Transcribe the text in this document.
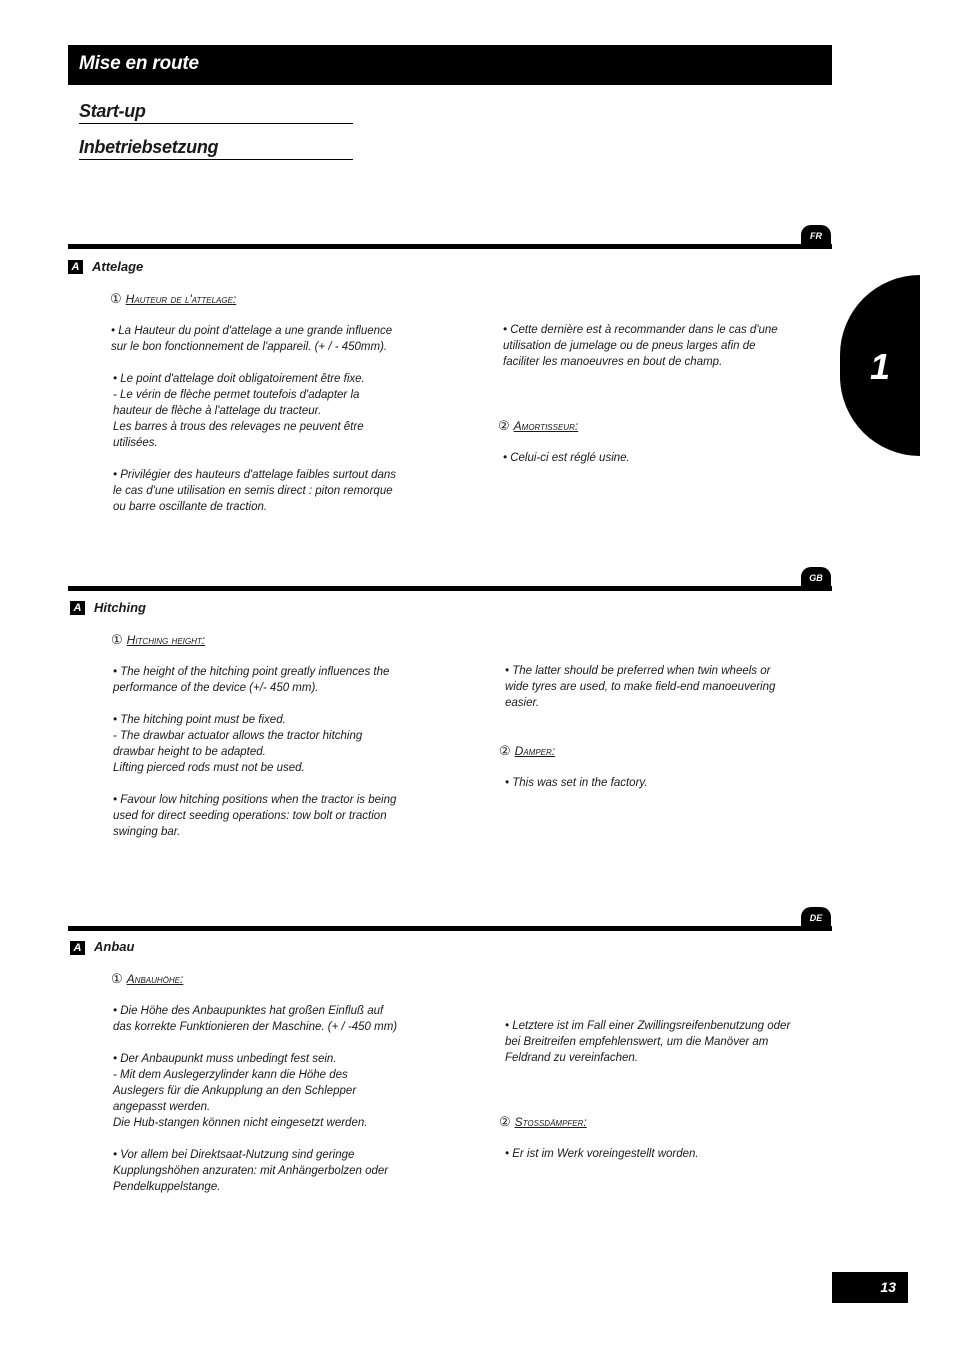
Mise en route
Start-up
Inbetriebsetzung
1
FR
A Attelage
① Hauteur de l'attelage:

• La Hauteur du point d'attelage a une grande influence

sur le bon fonctionnement de l'appareil. (+ / - 450mm).

• Le point d'attelage doit obligatoirement être fixe.

- Le vérin de flèche permet toutefois d'adapter la

hauteur de flèche à l'attelage du tracteur.

Les barres à trous des relevages ne peuvent être

utilisées.

• Privilégier des hauteurs d'attelage faibles surtout dans

le cas d'une utilisation en semis direct : piton remorque

ou barre oscillante de traction.

• Cette dernière est à recommander dans le cas d'une

utilisation de jumelage ou de pneus larges afin de

faciliter les manoeuvres en bout de champ.

② Amortisseur:

• Celui-ci est réglé usine.

GB
A Hitching
① Hitching height:

• The height of the hitching point greatly influences the

performance of the device (+/- 450 mm).

• The hitching point must be fixed.

- The drawbar actuator allows the tractor hitching

drawbar height to be adapted.

Lifting pierced rods must not be used.

• Favour low hitching positions when the tractor is being

used for direct seeding operations: tow bolt or traction

swinging bar.

• The latter should be preferred when twin wheels or

wide tyres are used, to make field-end manoeuvering

easier.

② Damper:

• This was set in the factory.

DE
A Anbau
① Anbauhöhe:

• Die Höhe des Anbaupunktes hat großen Einfluß auf

das korrekte Funktionieren der Maschine. (+ / -450 mm)

• Der Anbaupunkt muss unbedingt fest sein.

- Mit dem Auslegerzylinder kann die Höhe des

Auslegers für die Ankupplung an den Schlepper

angepasst werden.

Die Hub-stangen können nicht eingesetzt werden.

• Vor allem bei Direktsaat-Nutzung sind geringe

Kupplungshöhen anzuraten: mit Anhängerbolzen oder

Pendelkuppelstange.

• Letztere ist im Fall einer Zwillingsreifenbenutzung oder

bei Breitreifen empfehlenswert, um die Manöver am

Feldrand zu vereinfachen.

② Stoßdämpfer:

• Er ist im Werk voreingestellt worden.

13
